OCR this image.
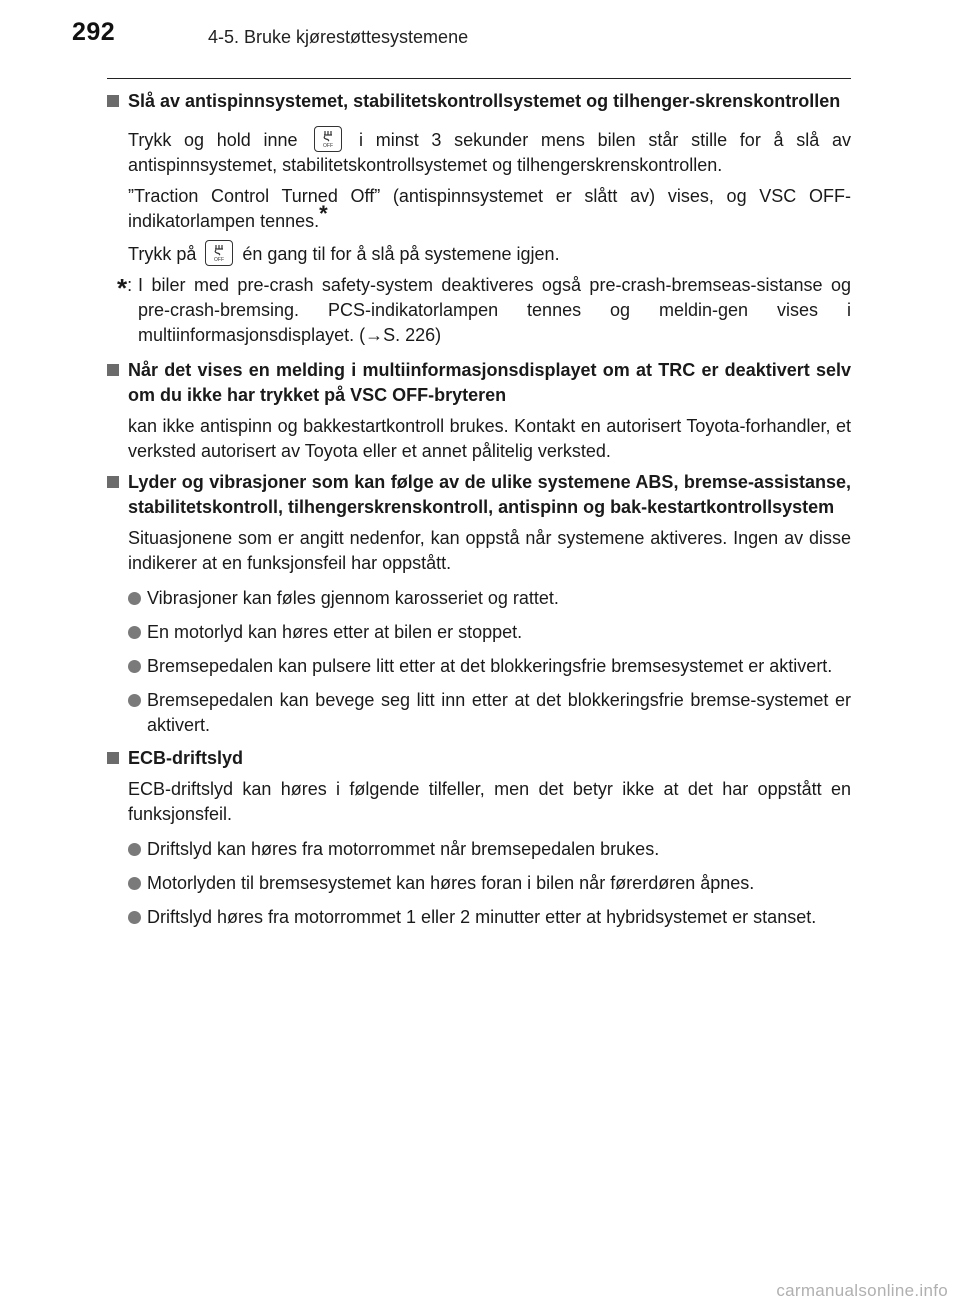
292	4-5. Bruke kjørestøttesystemene
Slå av antispinnsystemet, stabilitetskontrollsystemet og tilhenger-skrenskontrollen

Trykk og hold inne	OFF i minst 3 sekunder mens bilen står stille for å slå av antispinnsystemet, stabilitetskontrollsystemet og tilhengerskrenskontrollen.

”Traction Control Turned Off” (antispinnsystemet er slått av) vises, og VSC OFF-indikatorlampen tennes.*

Trykk på	OFF én gang til for å slå på systemene igjen.

*: I biler med pre-crash safety-system deaktiveres også pre-crash-bremseas-sistanse og pre-crash-bremsing. PCS-indikatorlampen tennes og meldin-gen vises i multiinformasjonsdisplayet. (→S. 226)
Når det vises en melding i multiinformasjonsdisplayet om at TRC er deaktivert selv om du ikke har trykket på VSC OFF-bryteren

kan ikke antispinn og bakkestartkontroll brukes. Kontakt en autorisert Toyota-forhandler, et verksted autorisert av Toyota eller et annet pålitelig verksted.

Lyder og vibrasjoner som kan følge av de ulike systemene ABS, bremse-assistanse, stabilitetskontroll, tilhengerskrenskontroll, antispinn og bak-kestartkontrollsystem

Situasjonene som er angitt nedenfor, kan oppstå når systemene aktiveres. Ingen av disse indikerer at en funksjonsfeil har oppstått.

Vibrasjoner kan føles gjennom karosseriet og rattet.
En motorlyd kan høres etter at bilen er stoppet.
Bremsepedalen kan pulsere litt etter at det blokkeringsfrie bremsesystemet er aktivert.
Bremsepedalen kan bevege seg litt inn etter at det blokkeringsfrie bremse-systemet er aktivert.
ECB-driftslyd

ECB-driftslyd kan høres i følgende tilfeller, men det betyr ikke at det har oppstått en funksjonsfeil.

Driftslyd kan høres fra motorrommet når bremsepedalen brukes.
Motorlyden til bremsesystemet kan høres foran i bilen når førerdøren åpnes.
Driftslyd høres fra motorrommet 1 eller 2 minutter etter at hybridsystemet er stanset.
carmanualsonline.info
